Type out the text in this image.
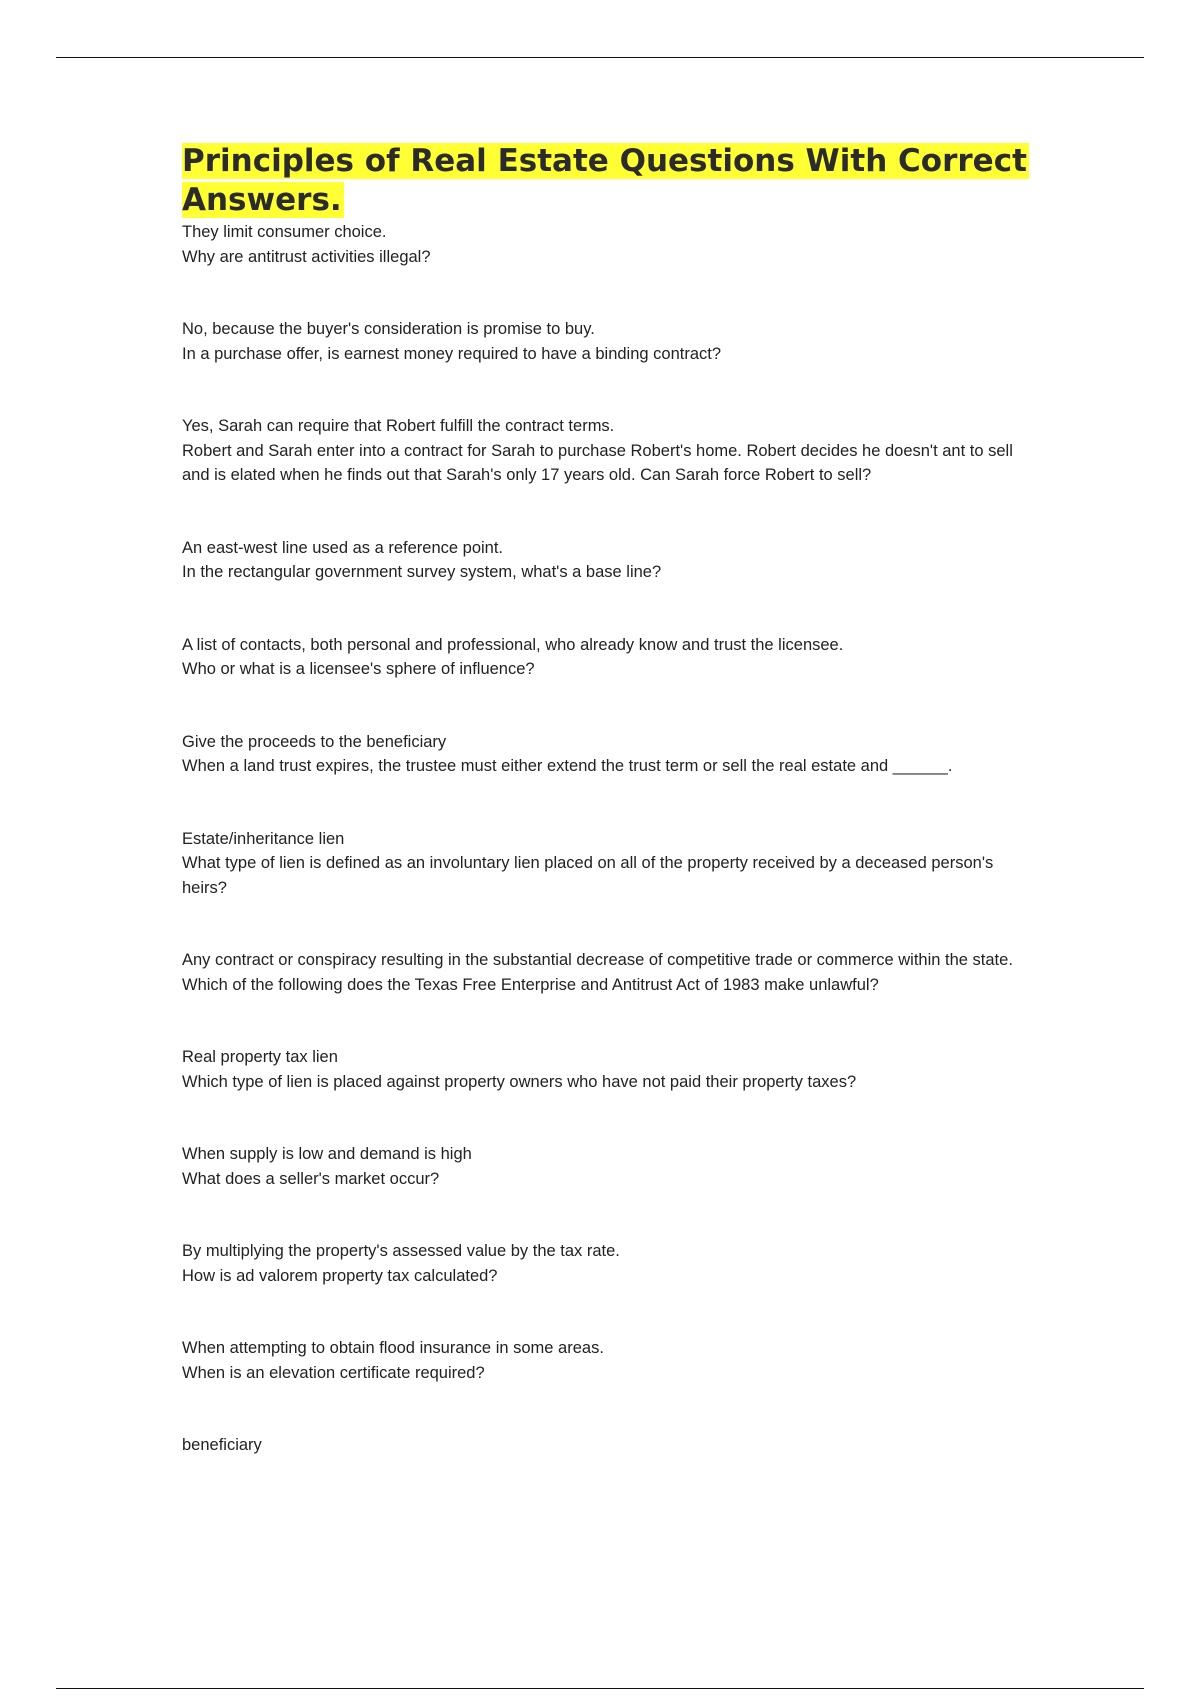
Principles of Real Estate Questions With Correct Answers.

They limit consumer choice.

Why are antitrust activities illegal?

No, because the buyer's consideration is promise to buy.

In a purchase offer, is earnest money required to have a binding contract?

Yes, Sarah can require that Robert fulfill the contract terms.

Robert and Sarah enter into a contract for Sarah to purchase Robert's home. Robert decides he doesn't ant to sell and is elated when he finds out that Sarah's only 17 years old. Can Sarah force Robert to sell?

An east-west line used as a reference point.

In the rectangular government survey system, what's a base line?

A list of contacts, both personal and professional, who already know and trust the licensee.

Who or what is a licensee's sphere of influence?

Give the proceeds to the beneficiary

When a land trust expires, the trustee must either extend the trust term or sell the real estate and ______.

Estate/inheritance lien

What type of lien is defined as an involuntary lien placed on all of the property received by a deceased person's heirs?

Any contract or conspiracy resulting in the substantial decrease of competitive trade or commerce within the state.

Which of the following does the Texas Free Enterprise and Antitrust Act of 1983 make unlawful?

Real property tax lien

Which type of lien is placed against property owners who have not paid their property taxes?

When supply is low and demand is high

What does a seller's market occur?

By multiplying the property's assessed value by the tax rate.

How is ad valorem property tax calculated?

When attempting to obtain flood insurance in some areas.

When is an elevation certificate required?

beneficiary
